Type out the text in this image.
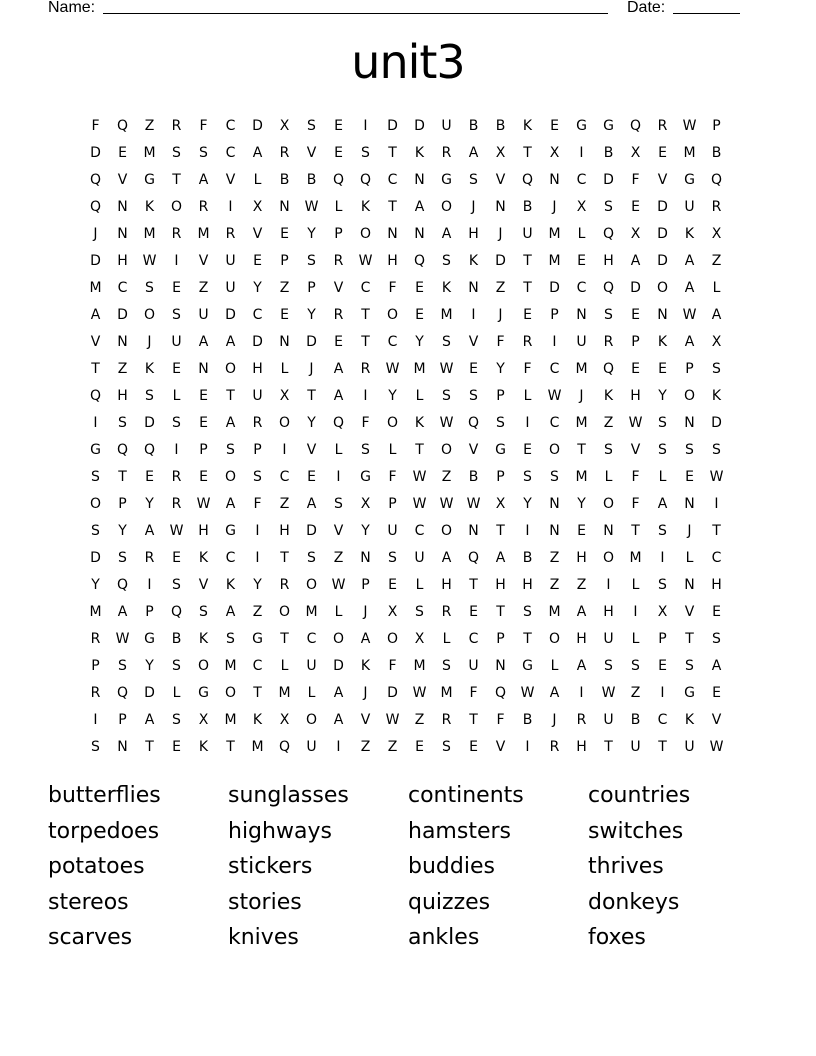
Name:	Date:
unit3
F	Q	Z	R	F	C	D	X	S	E	I	D	D	U	B	B	K	E	G	G	Q	R	W	P
D	E	M	S	S	C	A	R	V	E	S	T	K	R	A	X	T	X	I	B	X	E	M	B
Q	V	G	T	A	V	L	B	B	Q	Q	C	N	G	S	V	Q	N	C	D	F	V	G	Q
Q	N	K	O	R	I	X	N	W	L	K	T	A	O	J	N	B	J	X	S	E	D	U	R
J	N	M	R	M	R	V	E	Y	P	O	N	N	A	H	J	U	M	L	Q	X	D	K	X
D	H	W	I	V	U	E	P	S	R	W	H	Q	S	K	D	T	M	E	H	A	D	A	Z
M	C	S	E	Z	U	Y	Z	P	V	C	F	E	K	N	Z	T	D	C	Q	D	O	A	L
A	D	O	S	U	D	C	E	Y	R	T	O	E	M	I	J	E	P	N	S	E	N	W	A
V	N	J	U	A	A	D	N	D	E	T	C	Y	S	V	F	R	I	U	R	P	K	A	X
T	Z	K	E	N	O	H	L	J	A	R	W	M	W	E	Y	F	C	M	Q	E	E	P	S
Q	H	S	L	E	T	U	X	T	A	I	Y	L	S	S	P	L	W	J	K	H	Y	O	K
I	S	D	S	E	A	R	O	Y	Q	F	O	K	W	Q	S	I	C	M	Z	W	S	N	D
G	Q	Q	I	P	S	P	I	V	L	S	L	T	O	V	G	E	O	T	S	V	S	S	S
S	T	E	R	E	O	S	C	E	I	G	F	W	Z	B	P	S	S	M	L	F	L	E	W
O	P	Y	R	W	A	F	Z	A	S	X	P	W W W	X	Y	N	Y	O	F	A	N	I
S	Y	A	W	H	G	I	H	D	V	Y	U	C	O	N	T	I	N	E	N	T	S	J	T
D	S	R	E	K	C	I	T	S	Z	N	S	U	A	Q	A	B	Z	H	O	M	I	L	C
Y	Q	I	S	V	K	Y	R	O	W	P	E	L	H	T	H	H	Z	Z	I	L	S	N	H
M	A	P	Q	S	A	Z	O	M	L	J	X	S	R	E	T	S	M	A	H	I	X	V	E
R	W	G	B	K	S	G	T	C	O	A	O	X	L	C	P	T	O	H	U	L	P	T	S
P	S	Y	S	O	M	C	L	U	D	K	F	M	S	U	N	G	L	A	S	S	E	S	A
R	Q	D	L	G	O	T	M	L	A	J	D	W	M	F	Q	W	A	I	W	Z	I	G	E
I	P	A	S	X	M	K	X	O	A	V	W	Z	R	T	F	B	J	R	U	B	C	K	V
S	N	T	E	K	T	M	Q	U	I	Z	Z	E	S	E	V	I	R	H	T	U	T	U	W
butterflies	sunglasses	continents	countries
torpedoes	highways	hamsters	switches
potatoes	stickers	buddies	thrives
stereos	stories	quizzes	donkeys
scarves	knives	ankles	foxes
